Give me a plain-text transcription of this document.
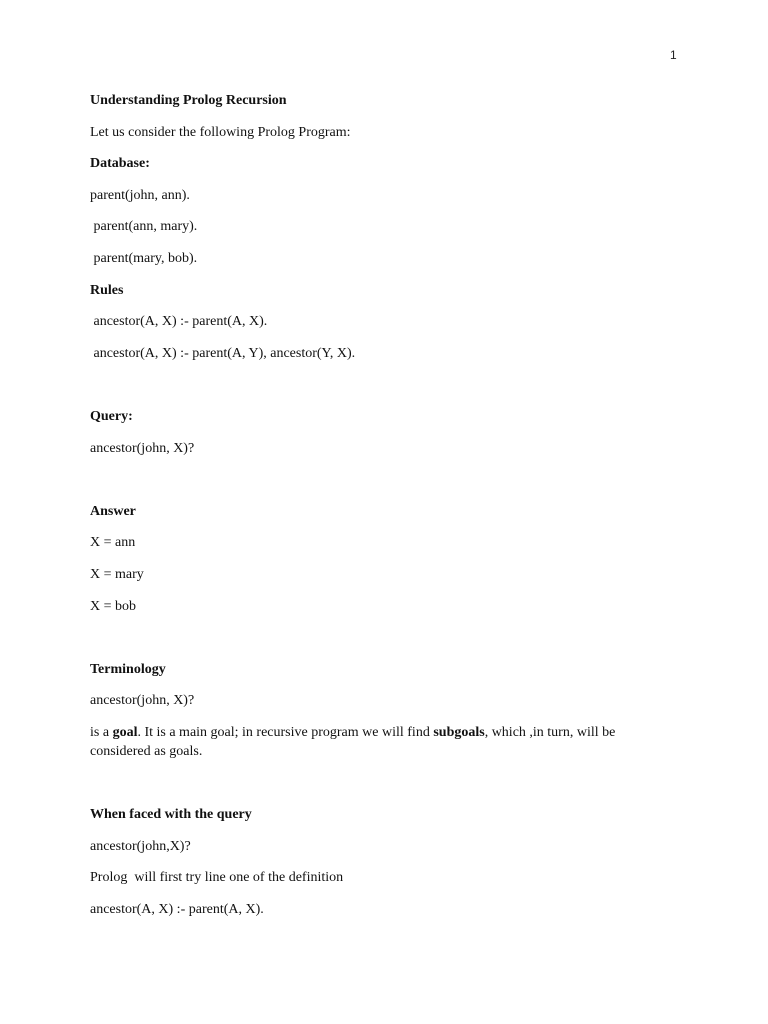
1

Understanding Prolog Recursion

Let us consider the following Prolog Program:

Database:

parent(john, ann).

parent(ann, mary).

parent(mary, bob).

Rules

ancestor(A, X) :- parent(A, X).

ancestor(A, X) :- parent(A, Y), ancestor(Y, X).

Query:

ancestor(john, X)?

Answer

X = ann

X = mary

X = bob

Terminology

ancestor(john, X)?

is a goal. It is a main goal; in recursive program we will find subgoals, which ,in turn, will be considered as goals.

When faced with the query

ancestor(john,X)?

Prolog  will first try line one of the definition

ancestor(A, X) :- parent(A, X).
